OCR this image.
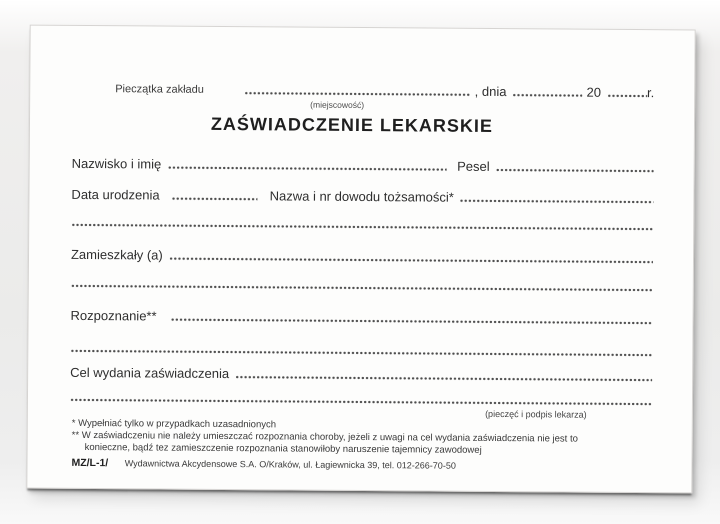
Pieczątka zakładu	, dnia	20	r.
(miejscowość)
ZAŚWIADCZENIE LEKARSKIE
Nazwisko i imię	Pesel
Data urodzenia	Nazwa i nr dowodu tożsamości*
Zamieszkały (a)
Rozpoznanie**
Cel wydania zaświadczenia
(pieczęć i podpis lekarza)
* Wypełniać tylko w przypadkach uzasadnionych
** W zaświadczeniu nie należy umieszczać rozpoznania choroby, jeżeli z uwagi na cel wydania zaświadczenia nie jest to konieczne, bądź tez zamieszczenie rozpoznania stanowiłoby naruszenie tajemnicy zawodowej
MZ/L-1/ Wydawnictwa Akcydensowe S.A. O/Kraków, ul. Łagiewnicka 39, tel. 012-266-70-50
